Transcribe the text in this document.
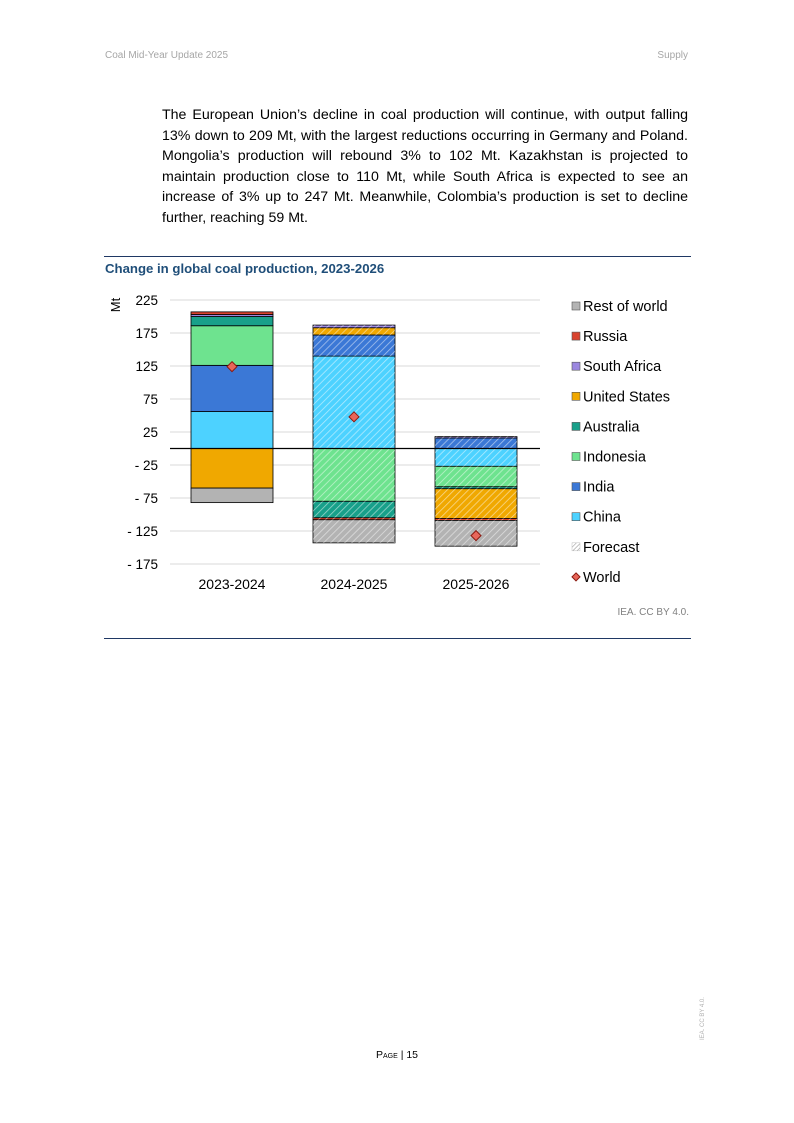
Coal Mid-Year Update 2025	Supply

The European Union’s decline in coal production will continue, with output falling 13% down to 209 Mt, with the largest reductions occurring in Germany and Poland. Mongolia’s production will rebound 3% to 102 Mt. Kazakhstan is projected to maintain production close to 110 Mt, while South Africa is expected to see an increase of 3% up to 247 Mt. Meanwhile, Colombia’s production is set to decline further, reaching 59 Mt.

Change in global coal production, 2023-2026
225
175
125
75
25
- 25
- 75
- 125
- 175
2023-2024	2024-2025	2025-2026
Rest of world
Russia
South Africa
United States
Australia
Indonesia
India
China
Forecast
World
Mt
IEA. CC BY 4.0.
Page | 15
IEA. CC BY 4.0.
